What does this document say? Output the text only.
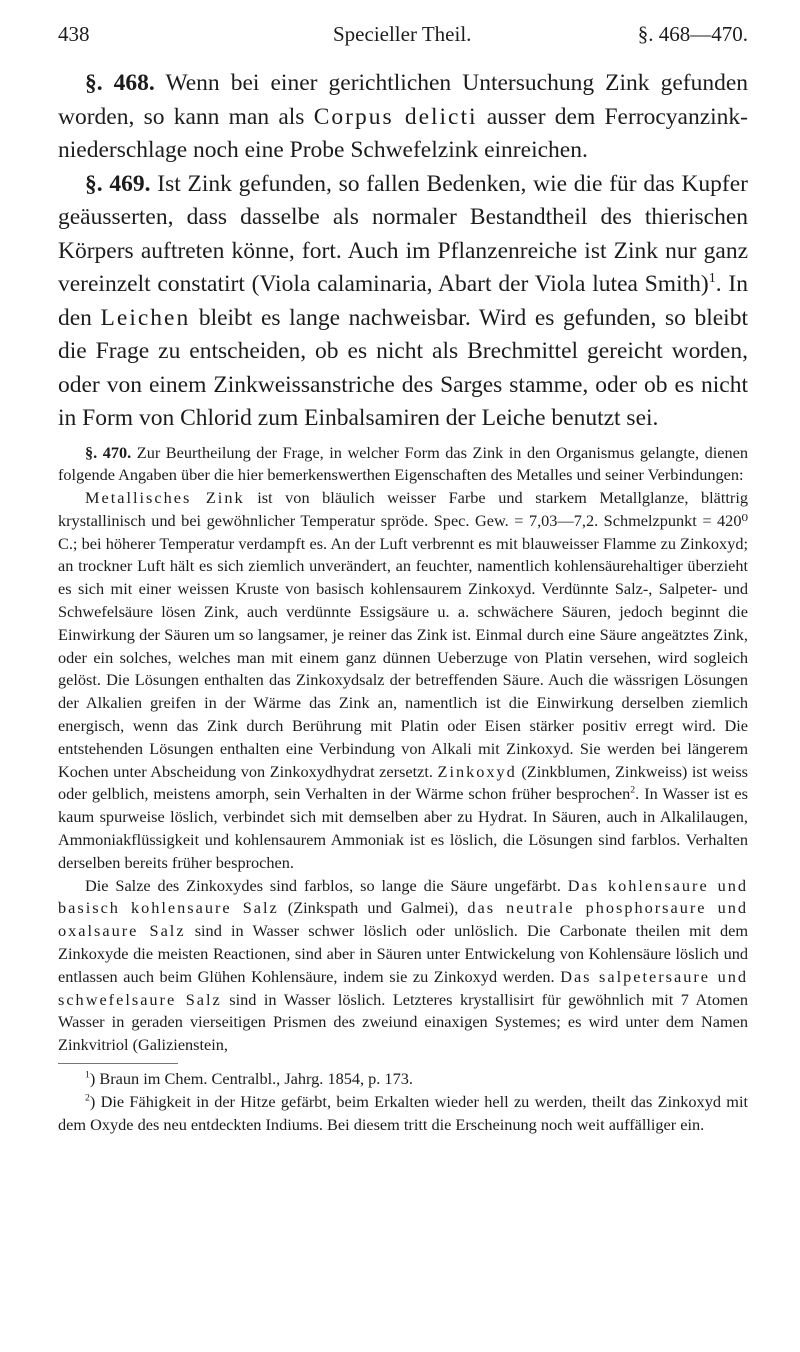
438	Specieller Theil.	§. 468—470.

§. 468. Wenn bei einer gerichtlichen Untersuchung Zink gefunden worden, so kann man als Corpus delicti ausser dem Ferrocyanzink-niederschlage noch eine Probe Schwefelzink einreichen.

§. 469. Ist Zink gefunden, so fallen Bedenken, wie die für das Kupfer geäusserten, dass dasselbe als normaler Bestandtheil des thierischen Körpers auftreten könne, fort. Auch im Pflanzenreiche ist Zink nur ganz vereinzelt constatirt (Viola calaminaria, Abart der Viola lutea Smith)$^1$. In den Leichen bleibt es lange nachweisbar. Wird es gefunden, so bleibt die Frage zu entscheiden, ob es nicht als Brechmittel gereicht worden, oder von einem Zinkweissanstriche des Sarges stamme, oder ob es nicht in Form von Chlorid zum Einbalsamiren der Leiche benutzt sei.

§. 470. Zur Beurtheilung der Frage, in welcher Form das Zink in den Organismus gelangte, dienen folgende Angaben über die hier bemerkenswerthen Eigenschaften des Metalles und seiner Verbindungen:

Metallisches Zink ist von bläulich weisser Farbe und starkem Metallglanze, blättrig krystallinisch und bei gewöhnlicher Temperatur spröde. Spec. Gew. = 7,03—7,2. Schmelzpunkt = 420⁰ C.; bei höherer Temperatur verdampft es. An der Luft verbrennt es mit blauweisser Flamme zu Zinkoxyd; an trockner Luft hält es sich ziemlich unverändert, an feuchter, namentlich kohlensäurehaltiger überzieht es sich mit einer weissen Kruste von basisch kohlensaurem Zinkoxyd. Verdünnte Salz-, Salpeter- und Schwefelsäure lösen Zink, auch verdünnte Essigsäure u. a. schwächere Säuren, jedoch beginnt die Einwirkung der Säuren um so langsamer, je reiner das Zink ist. Einmal durch eine Säure angeätztes Zink, oder ein solches, welches man mit einem ganz dünnen Ueberzuge von Platin versehen, wird sogleich gelöst. Die Lösungen enthalten das Zinkoxydsalz der betreffenden Säure. Auch die wässrigen Lösungen der Alkalien greifen in der Wärme das Zink an, namentlich ist die Einwirkung derselben ziemlich energisch, wenn das Zink durch Berührung mit Platin oder Eisen stärker positiv erregt wird. Die entstehenden Lösungen enthalten eine Verbindung von Alkali mit Zinkoxyd. Sie werden bei längerem Kochen unter Abscheidung von Zinkoxydhydrat zersetzt. Zinkoxyd (Zinkblumen, Zinkweiss) ist weiss oder gelblich, meistens amorph, sein Verhalten in der Wärme schon früher besprochen$^2$. In Wasser ist es kaum spurweise löslich, verbindet sich mit demselben aber zu Hydrat. In Säuren, auch in Alkalilaugen, Ammoniakflüssigkeit und kohlensaurem Ammoniak ist es löslich, die Lösungen sind farblos. Verhalten derselben bereits früher besprochen.

Die Salze des Zinkoxydes sind farblos, so lange die Säure ungefärbt. Das kohlensaure und basisch kohlensaure Salz (Zinkspath und Galmei), das neutrale phosphorsaure und oxalsaure Salz sind in Wasser schwer löslich oder unlöslich. Die Carbonate theilen mit dem Zinkoxyde die meisten Reactionen, sind aber in Säuren unter Entwickelung von Kohlensäure löslich und entlassen auch beim Glühen Kohlensäure, indem sie zu Zinkoxyd werden. Das salpetersaure und schwefelsaure Salz sind in Wasser löslich. Letzteres krystallisirt für gewöhnlich mit 7 Atomen Wasser in geraden vierseitigen Prismen des zweiund einaxigen Systemes; es wird unter dem Namen Zinkvitriol (Galizienstein,

$^1$) Braun im Chem. Centralbl., Jahrg. 1854, p. 173.

$^2$) Die Fähigkeit in der Hitze gefärbt, beim Erkalten wieder hell zu werden, theilt das Zinkoxyd mit dem Oxyde des neu entdeckten Indiums. Bei diesem tritt die Erscheinung noch weit auffälliger ein.
